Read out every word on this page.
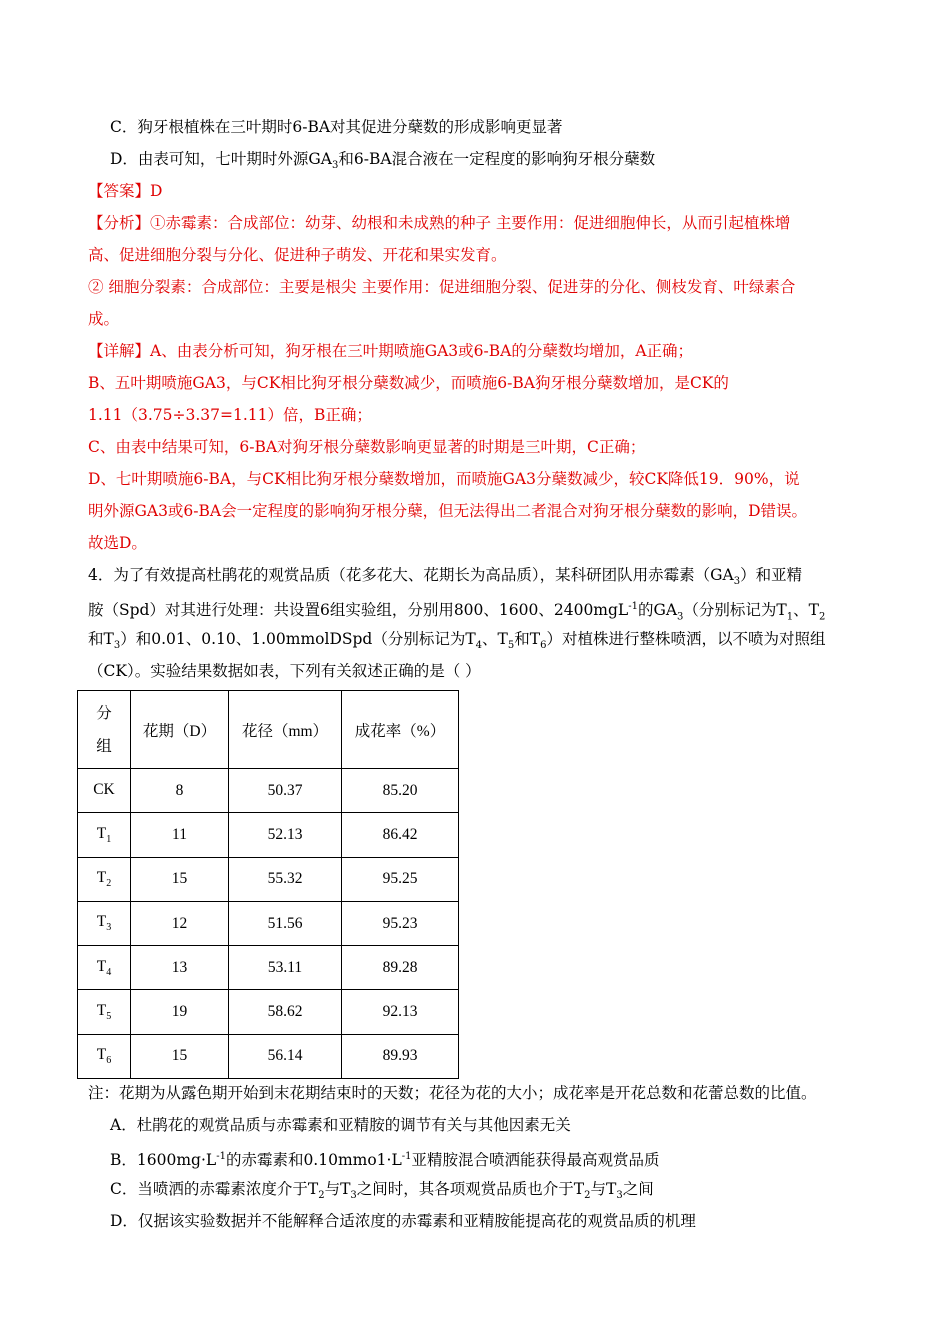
C．狗牙根植株在三叶期时6-BA对其促进分蘖数的形成影响更显著
D．由表可知，七叶期时外源$GA_3$和6-BA混合液在一定程度的影响狗牙根分蘖数
【答案】D
【分析】①赤霉素：合成部位：幼芽、幼根和未成熟的种子 主要作用：促进细胞伸长，从而引起植株增
高、促进细胞分裂与分化、促进种子萌发、开花和果实发育。
② 细胞分裂素：合成部位：主要是根尖 主要作用：促进细胞分裂、促进芽的分化、侧枝发育、叶绿素合
成。
【详解】A、由表分析可知，狗牙根在三叶期喷施GA3或6-BA的分蘖数均增加，A正确；
B、五叶期喷施GA3，与CK相比狗牙根分蘖数减少，而喷施6-BA狗牙根分蘖数增加，是CK的
1.11（3.75÷3.37=1.11）倍，B正确；
C、由表中结果可知，6-BA对狗牙根分蘖数影响更显著的时期是三叶期，C正确；
D、七叶期喷施6-BA，与CK相比狗牙根分蘖数增加，而喷施GA3分蘖数减少，较CK降低19．90%，说
明外源GA3或6-BA会一定程度的影响狗牙根分蘖，但无法得出二者混合对狗牙根分蘖数的影响，D错误。
故选D。
4．为了有效提高杜鹃花的观赏品质（花多花大、花期长为高品质），某科研团队用赤霉素$(GA_3)$和亚精
胺（Spd）对其进行处理：共设置6组实验组，分别用800、1600、2400mgL$^{-1}$的$GA_3$（分别标记为$T_1$、$T_2$
和$T_3$）和0.01、0.10、1.00mmolDSpd（分别标记为$T_4$、$T_5$和$T_6$）对植株进行整株喷洒，以不喷为对照组
（CK）。实验结果数据如表，下列有关叙述正确的是（ ）
分
组	花期（D）	花径（mm）	成花率（%）
CK	8	50.37	85.20
$T_1$	11	52.13	86.42
$T_2$	15	55.32	95.25
$T_3$	12	51.56	95.23
$T_4$	13	53.11	89.28
$T_5$	19	58.62	92.13
$T_6$	15	56.14	89.93
注：花期为从露色期开始到末花期结束时的天数；花径为花的大小；成花率是开花总数和花蕾总数的比值。
A．杜鹃花的观赏品质与赤霉素和亚精胺的调节有关与其他因素无关
B．$1600mg\cdot L^{-1}$的赤霉素和$0.10mmo1\cdot L^{-1}$亚精胺混合喷洒能获得最高观赏品质
C．当喷洒的赤霉素浓度介于$T_2$与$T_3$之间时，其各项观赏品质也介于$T_2$与$T_3$之间
D．仅据该实验数据并不能解释合适浓度的赤霉素和亚精胺能提高花的观赏品质的机理
